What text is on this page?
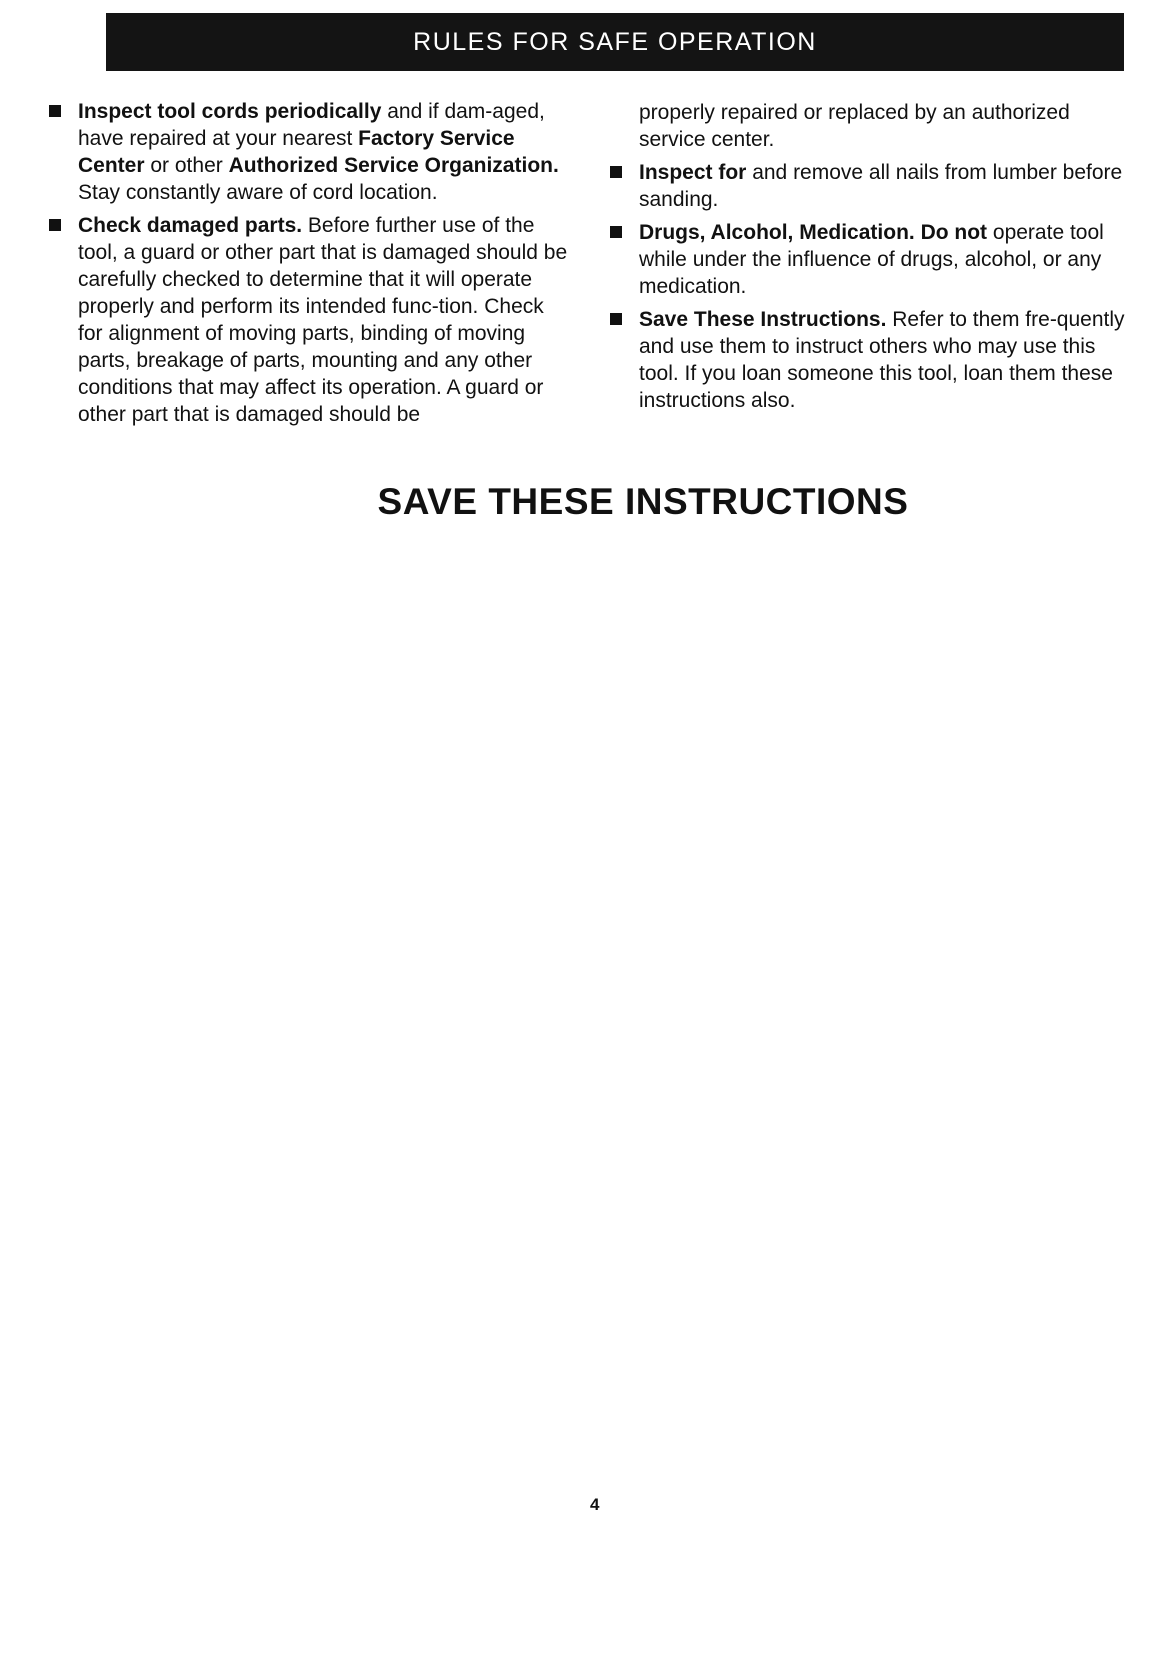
RULES FOR SAFE OPERATION
Inspect tool cords periodically and if dam-aged, have repaired at your nearest Factory Service Center or other Authorized Service Organization. Stay constantly aware of cord location.
Check damaged parts. Before further use of the tool, a guard or other part that is damaged should be carefully checked to determine that it will operate properly and perform its intended func-tion. Check for alignment of moving parts, binding of moving parts, breakage of parts, mounting and any other conditions that may affect its operation. A guard or other part that is damaged should be
properly repaired or replaced by an authorized service center.
Inspect for and remove all nails from lumber before sanding.
Drugs, Alcohol, Medication. Do not operate tool while under the influence of drugs, alcohol, or any medication.
Save These Instructions. Refer to them fre-quently and use them to instruct others who may use this tool. If you loan someone this tool, loan them these instructions also.
SAVE THESE INSTRUCTIONS
4
